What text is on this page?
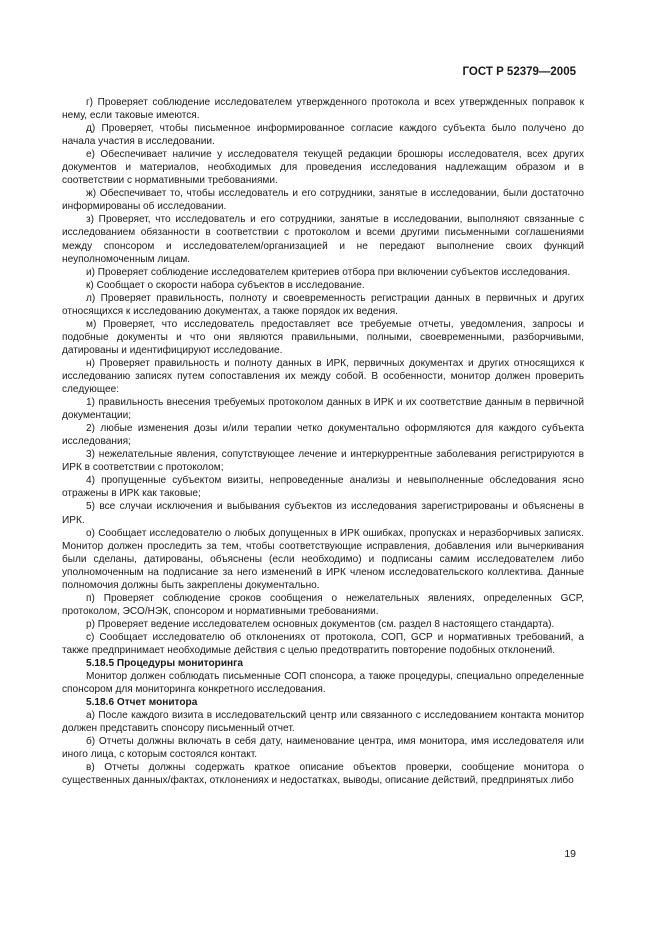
ГОСТ Р 52379—2005

г) Проверяет соблюдение исследователем утвержденного протокола и всех утвержденных поправок к нему, если таковые имеются.

д) Проверяет, чтобы письменное информированное согласие каждого субъекта было получено до начала участия в исследовании.

е) Обеспечивает наличие у исследователя текущей редакции брошюры исследователя, всех других документов и материалов, необходимых для проведения исследования надлежащим образом и в соответствии с нормативными требованиями.

ж) Обеспечивает то, чтобы исследователь и его сотрудники, занятые в исследовании, были достаточно информированы об исследовании.

з) Проверяет, что исследователь и его сотрудники, занятые в исследовании, выполняют связанные с исследованием обязанности в соответствии с протоколом и всеми другими письменными соглашениями между спонсором и исследователем/организацией и не передают выполнение своих функций неуполномоченным лицам.

и) Проверяет соблюдение исследователем критериев отбора при включении субъектов исследования.

к) Сообщает о скорости набора субъектов в исследование.

л) Проверяет правильность, полноту и своевременность регистрации данных в первичных и других относящихся к исследованию документах, а также порядок их ведения.

м) Проверяет, что исследователь предоставляет все требуемые отчеты, уведомления, запросы и подобные документы и что они являются правильными, полными, своевременными, разборчивыми, датированы и идентифицируют исследование.

н) Проверяет правильность и полноту данных в ИРК, первичных документах и других относящихся к исследованию записях путем сопоставления их между собой. В особенности, монитор должен проверить следующее:

1) правильность внесения требуемых протоколом данных в ИРК и их соответствие данным в первичной документации;

2) любые изменения дозы и/или терапии четко документально оформляются для каждого субъекта исследования;

3) нежелательные явления, сопутствующее лечение и интеркуррентные заболевания регистрируются в ИРК в соответствии с протоколом;

4) пропущенные субъектом визиты, непроведенные анализы и невыполненные обследования ясно отражены в ИРК как таковые;

5) все случаи исключения и выбывания субъектов из исследования зарегистрированы и объяснены в ИРК.

о) Сообщает исследователю о любых допущенных в ИРК ошибках, пропусках и неразборчивых записях. Монитор должен проследить за тем, чтобы соответствующие исправления, добавления или вычеркивания были сделаны, датированы, объяснены (если необходимо) и подписаны самим исследователем либо уполномоченным на подписание за него изменений в ИРК членом исследовательского коллектива. Данные полномочия должны быть закреплены документально.

п) Проверяет соблюдение сроков сообщения о нежелательных явлениях, определенных GCP, протоколом, ЭСО/НЭК, спонсором и нормативными требованиями.

р) Проверяет ведение исследователем основных документов (см. раздел 8 настоящего стандарта).

с) Сообщает исследователю об отклонениях от протокола, СОП, GCP и нормативных требований, а также предпринимает необходимые действия с целью предотвратить повторение подобных отклонений.

5.18.5 Процедуры мониторинга

Монитор должен соблюдать письменные СОП спонсора, а также процедуры, специально определенные спонсором для мониторинга конкретного исследования.

5.18.6 Отчет монитора

а) После каждого визита в исследовательский центр или связанного с исследованием контакта монитор должен представить спонсору письменный отчет.

б) Отчеты должны включать в себя дату, наименование центра, имя монитора, имя исследователя или иного лица, с которым состоялся контакт.

в) Отчеты должны содержать краткое описание объектов проверки, сообщение монитора о существенных данных/фактах, отклонениях и недостатках, выводы, описание действий, предпринятых либо

19
